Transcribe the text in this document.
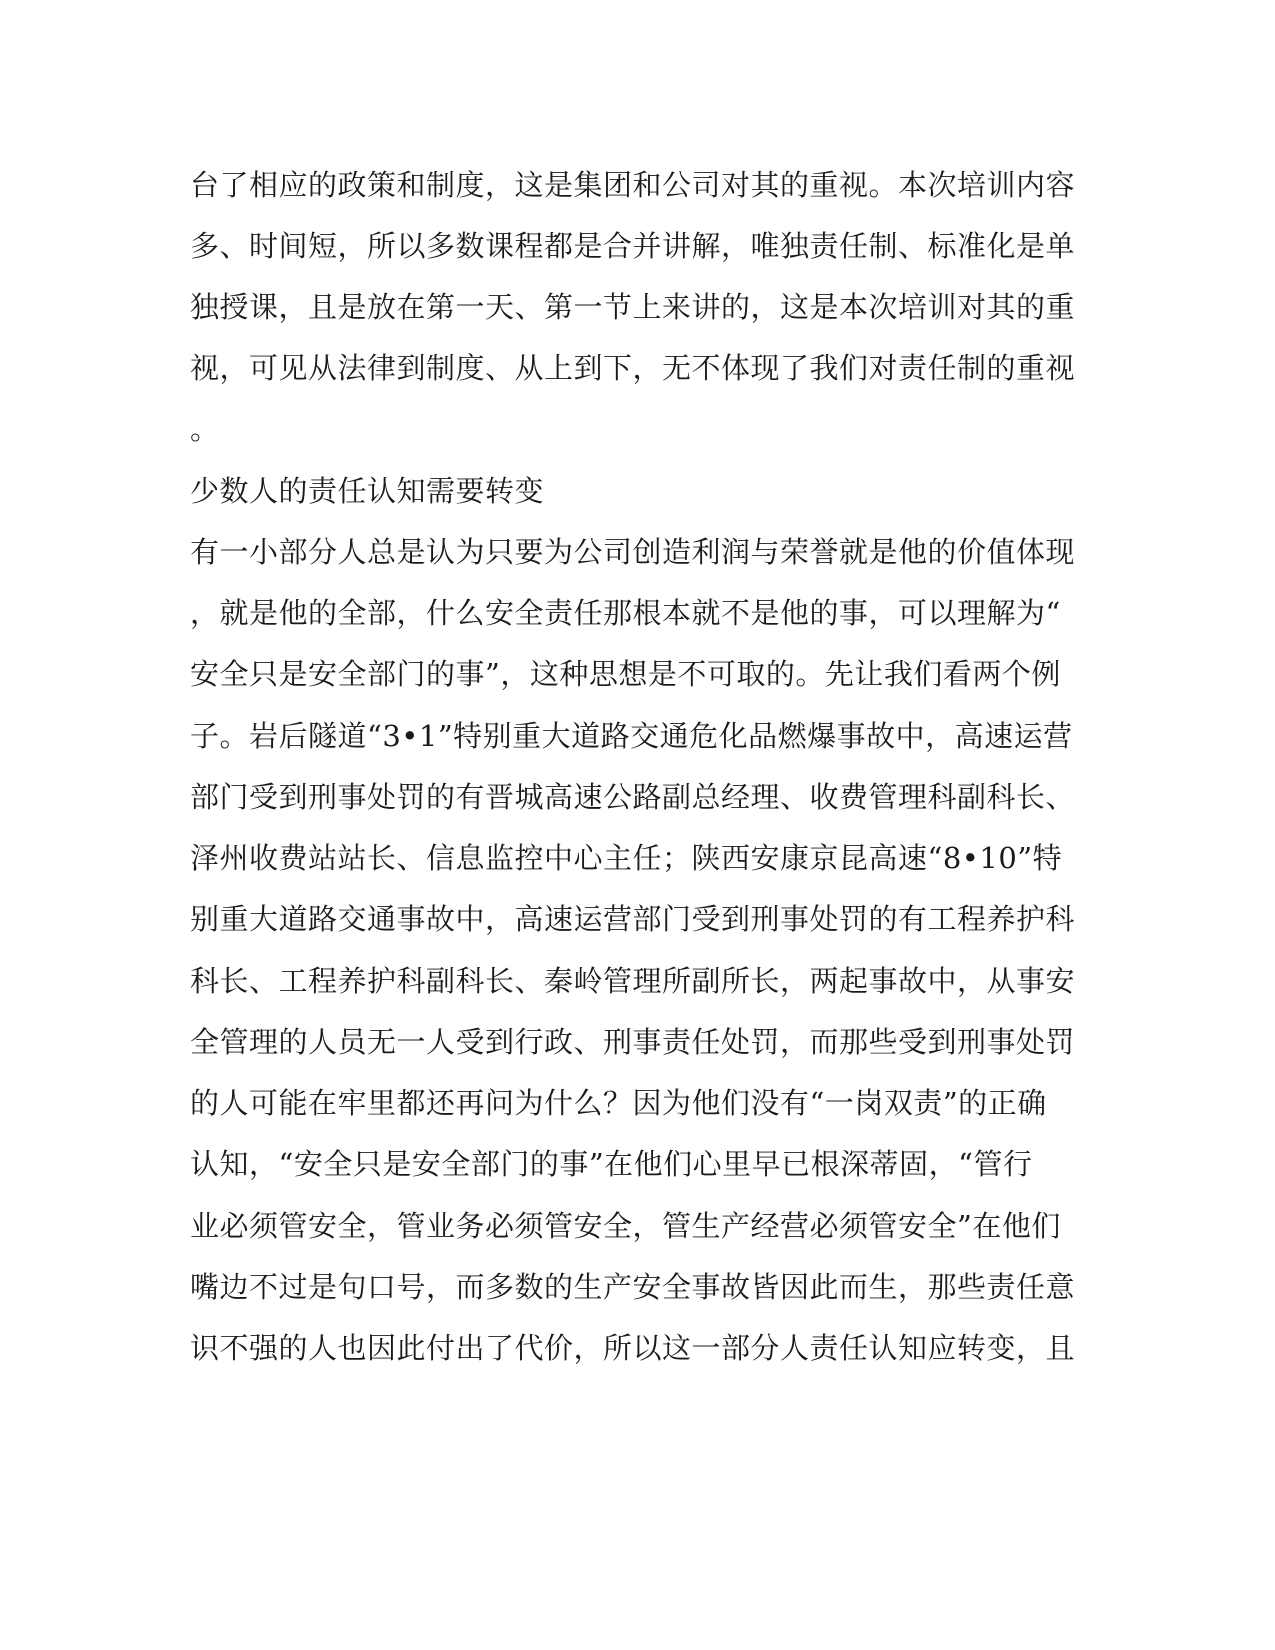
台了相应的政策和制度，这是集团和公司对其的重视。本次培训内容
多、时间短，所以多数课程都是合并讲解，唯独责任制、标准化是单
独授课，且是放在第一天、第一节上来讲的，这是本次培训对其的重
视，可见从法律到制度、从上到下，无不体现了我们对责任制的重视
。
少数人的责任认知需要转变
有一小部分人总是认为只要为公司创造利润与荣誉就是他的价值体现
，就是他的全部，什么安全责任那根本就不是他的事，可以理解为“
安全只是安全部门的事”，这种思想是不可取的。先让我们看两个例
子。岩后隧道“3•1”特别重大道路交通危化品燃爆事故中，高速运营
部门受到刑事处罚的有晋城高速公路副总经理、收费管理科副科长、
泽州收费站站长、信息监控中心主任；陕西安康京昆高速“8•10”特
别重大道路交通事故中，高速运营部门受到刑事处罚的有工程养护科
科长、工程养护科副科长、秦岭管理所副所长，两起事故中，从事安
全管理的人员无一人受到行政、刑事责任处罚，而那些受到刑事处罚
的人可能在牢里都还再问为什么？因为他们没有“一岗双责”的正确
认知，“安全只是安全部门的事”在他们心里早已根深蒂固，“管行
业必须管安全，管业务必须管安全，管生产经营必须管安全”在他们
嘴边不过是句口号，而多数的生产安全事故皆因此而生，那些责任意
识不强的人也因此付出了代价，所以这一部分人责任认知应转变，且
